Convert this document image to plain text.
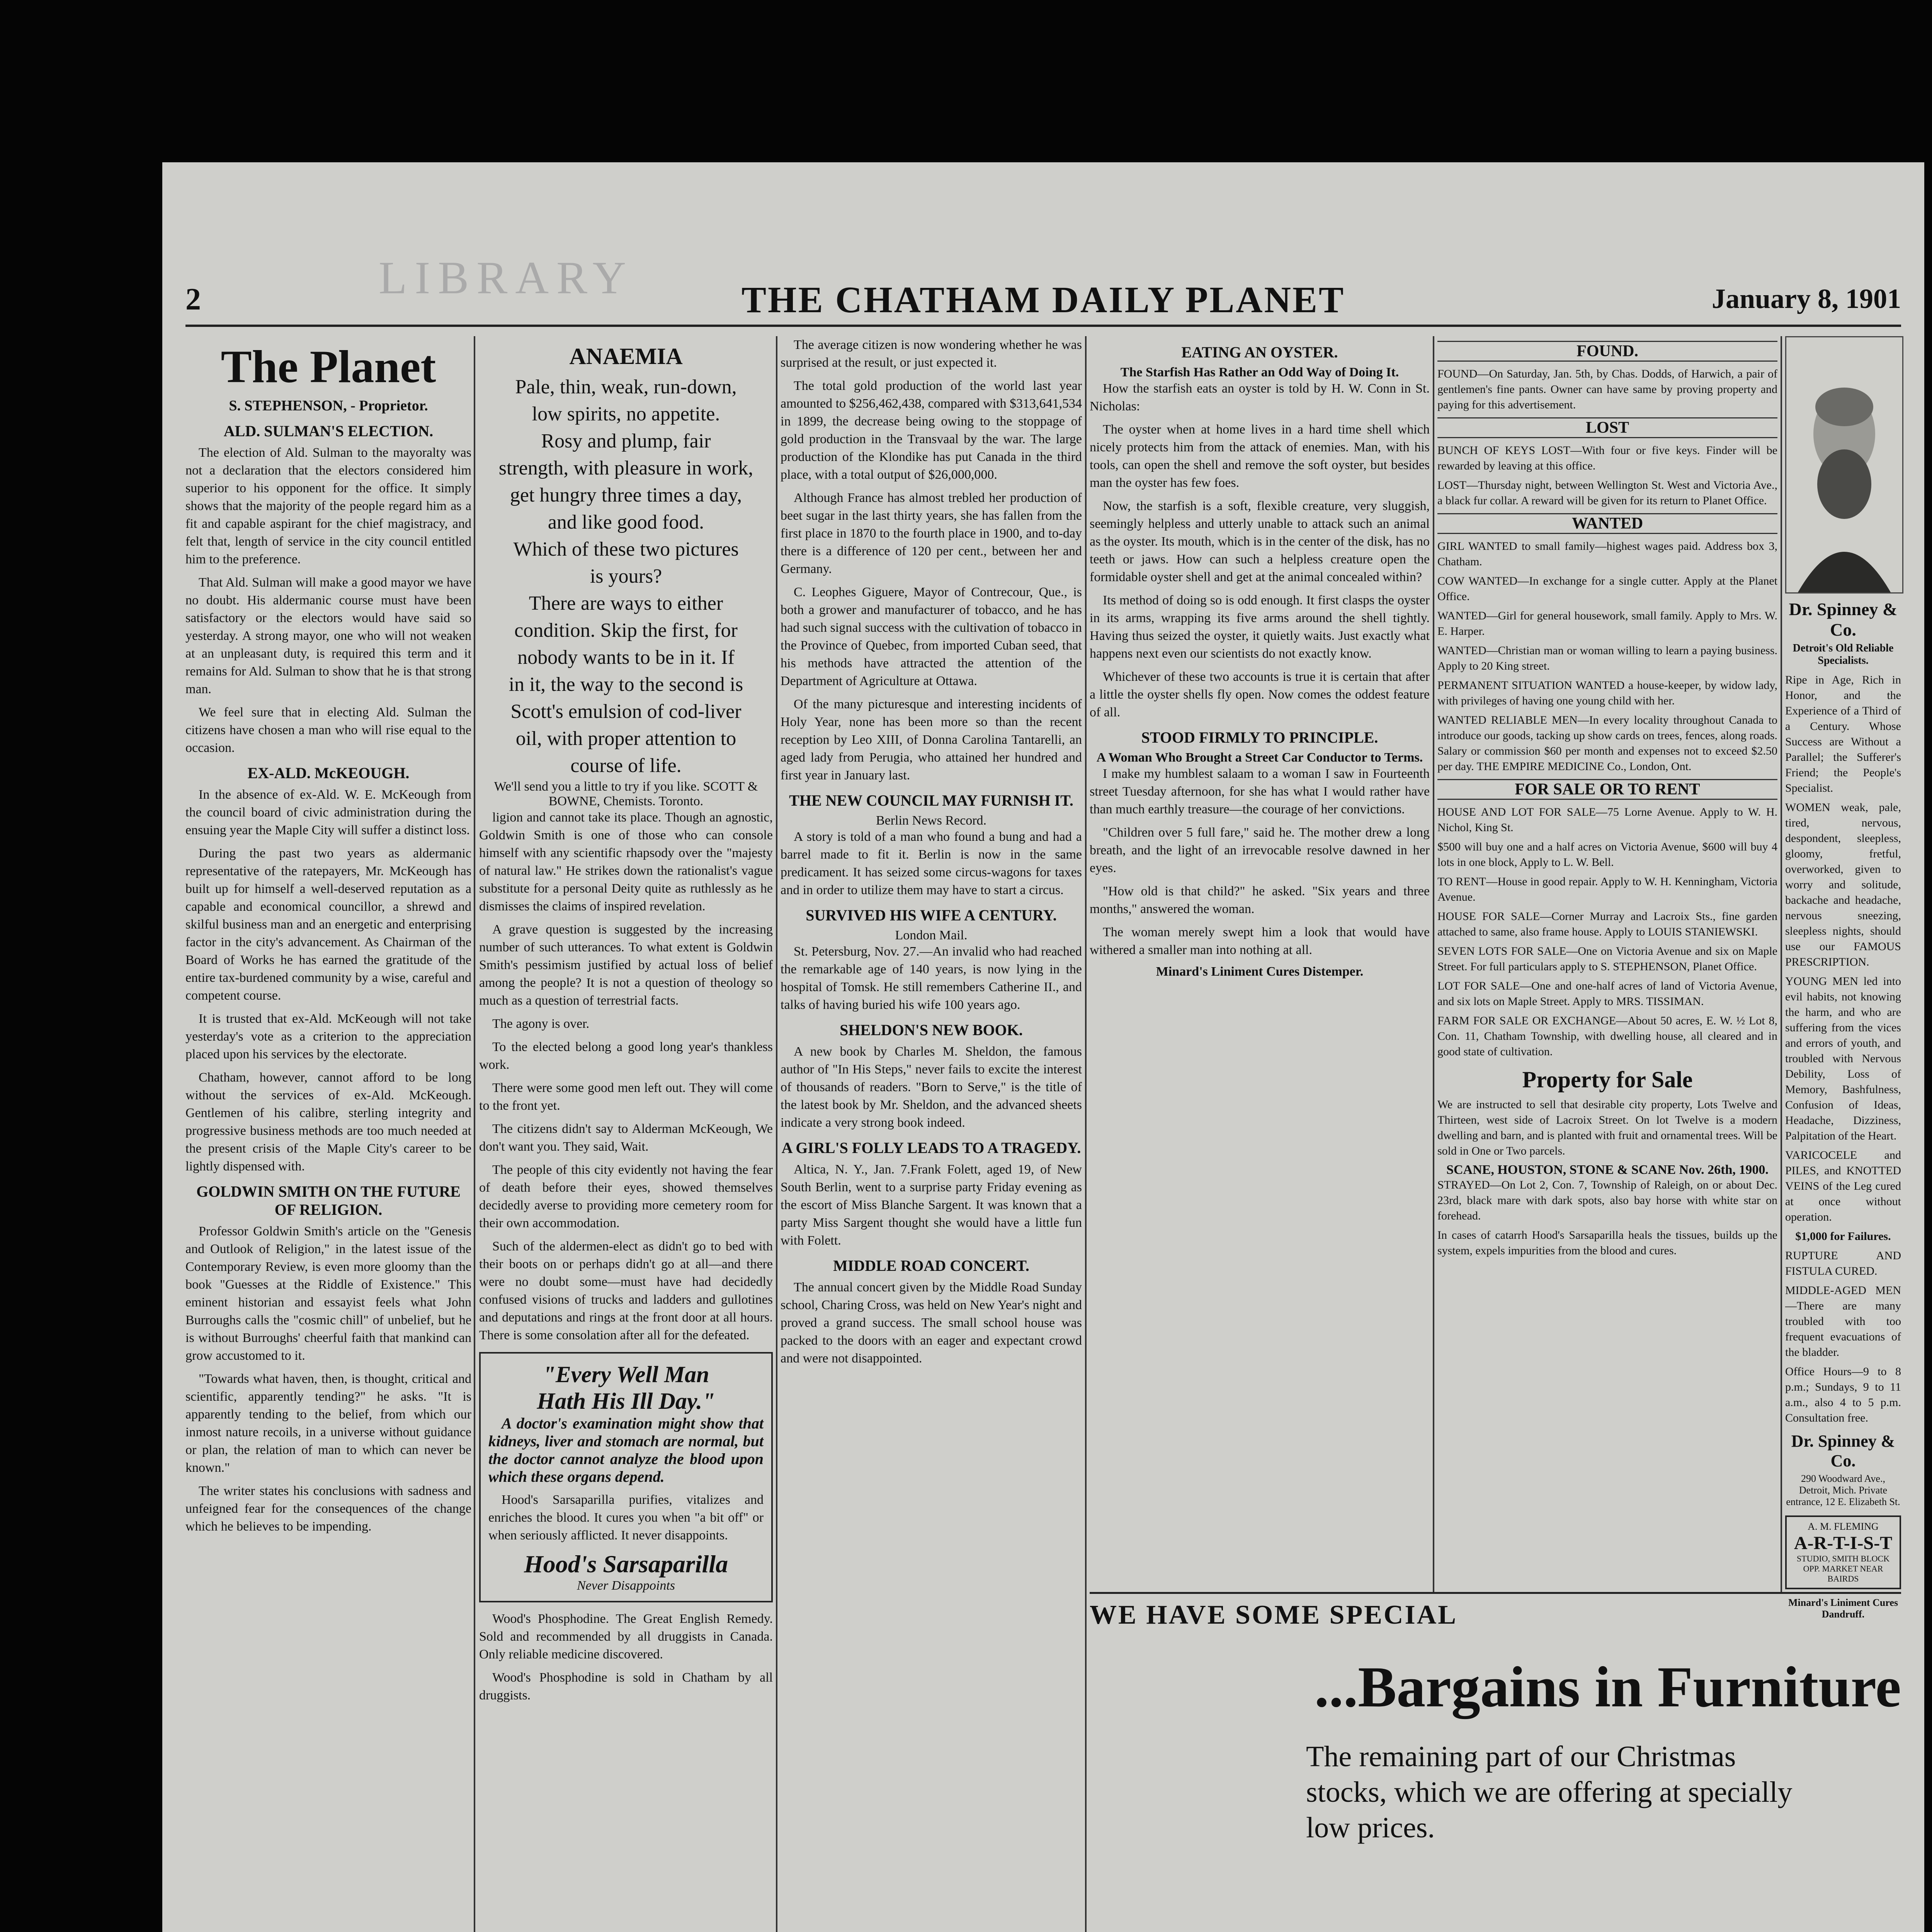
LIBRARY
2	THE CHATHAM DAILY PLANET	January 8, 1901
The Planet
S. STEPHENSON, - Proprietor.
ALD. SULMAN'S ELECTION.

The election of Ald. Sulman to the mayoralty was not a declaration that the electors considered him superior to his opponent for the office. It simply shows that the majority of the people regard him as a fit and capable aspirant for the chief magistracy, and felt that, length of service in the city council entitled him to the preference.

That Ald. Sulman will make a good mayor we have no doubt. His aldermanic course must have been satisfactory or the electors would have said so yesterday. A strong mayor, one who will not weaken at an unpleasant duty, is required this term and it remains for Ald. Sulman to show that he is that strong man.

We feel sure that in electing Ald. Sulman the citizens have chosen a man who will rise equal to the occasion.

EX-ALD. McKEOUGH.

In the absence of ex-Ald. W. E. McKeough from the council board of civic administration during the ensuing year the Maple City will suffer a distinct loss.

During the past two years as aldermanic representative of the ratepayers, Mr. McKeough has built up for himself a well-deserved reputation as a capable and economical councillor, a shrewd and skilful business man and an energetic and enterprising factor in the city's advancement. As Chairman of the Board of Works he has earned the gratitude of the entire tax-burdened community by a wise, careful and competent course.

It is trusted that ex-Ald. McKeough will not take yesterday's vote as a criterion to the appreciation placed upon his services by the electorate.

Chatham, however, cannot afford to be long without the services of ex-Ald. McKeough. Gentlemen of his calibre, sterling integrity and progressive business methods are too much needed at the present crisis of the Maple City's career to be lightly dispensed with.

GOLDWIN SMITH ON THE FUTURE OF RELIGION.

Professor Goldwin Smith's article on the "Genesis and Outlook of Religion," in the latest issue of the Contemporary Review, is even more gloomy than the book "Guesses at the Riddle of Existence." This eminent historian and essayist feels what John Burroughs calls the "cosmic chill" of unbelief, but he is without Burroughs' cheerful faith that mankind can grow accustomed to it.

"Towards what haven, then, is thought, critical and scientific, apparently tending?" he asks. "It is apparently tending to the belief, from which our inmost nature recoils, in a universe without guidance or plan, the relation of man to which can never be known."

The writer states his conclusions with sadness and unfeigned fear for the consequences of the change which he believes to be impending.

ANAEMIA
Pale, thin, weak, run-down,
low spirits, no appetite.
Rosy and plump, fair
strength, with pleasure in work,
get hungry three times a day,
and like good food.
Which of these two pictures
is yours?
There are ways to either
condition. Skip the first, for
nobody wants to be in it. If
in it, the way to the second is
Scott's emulsion of cod-liver
oil, with proper attention to
course of life.
We'll send you a little to try if you like. SCOTT & BOWNE, Chemists. Toronto.

ligion and cannot take its place. Though an agnostic, Goldwin Smith is one of those who can console himself with any scientific rhapsody over the "majesty of natural law." He strikes down the rationalist's vague substitute for a personal Deity quite as ruthlessly as he dismisses the claims of inspired revelation.

A grave question is suggested by the increasing number of such utterances. To what extent is Goldwin Smith's pessimism justified by actual loss of belief among the people? It is not a question of theology so much as a question of terrestrial facts.

The agony is over.

To the elected belong a good long year's thankless work.

There were some good men left out. They will come to the front yet.

The citizens didn't say to Alderman McKeough, We don't want you. They said, Wait.

The people of this city evidently not having the fear of death before their eyes, showed themselves decidedly averse to providing more cemetery room for their own accommodation.

Such of the aldermen-elect as didn't go to bed with their boots on or perhaps didn't go at all—and there were no doubt some—must have had decidedly confused visions of trucks and ladders and gullotines and deputations and rings at the front door at all hours. There is some consolation after all for the defeated.

"Every Well Man
Hath His Ill Day."

A doctor's examination might show that kidneys, liver and stomach are normal, but the doctor cannot analyze the blood upon which these organs depend.

Hood's Sarsaparilla purifies, vitalizes and enriches the blood. It cures you when "a bit off" or when seriously afflicted. It never disappoints.

Hood's Sarsaparilla
Never Disappoints

Wood's Phosphodine. The Great English Remedy. Sold and recommended by all druggists in Canada. Only reliable medicine discovered.

Wood's Phosphodine is sold in Chatham by all druggists.

The average citizen is now wondering whether he was surprised at the result, or just expected it.

The total gold production of the world last year amounted to $256,462,438, compared with $313,641,534 in 1899, the decrease being owing to the stoppage of gold production in the Transvaal by the war. The large production of the Klondike has put Canada in the third place, with a total output of $26,000,000.

Although France has almost trebled her production of beet sugar in the last thirty years, she has fallen from the first place in 1870 to the fourth place in 1900, and to-day there is a difference of 120 per cent., between her and Germany.

C. Leophes Giguere, Mayor of Contrecour, Que., is both a grower and manufacturer of tobacco, and he has had such signal success with the cultivation of tobacco in the Province of Quebec, from imported Cuban seed, that his methods have attracted the attention of the Department of Agriculture at Ottawa.

Of the many picturesque and interesting incidents of Holy Year, none has been more so than the recent reception by Leo XIII, of Donna Carolina Tantarelli, an aged lady from Perugia, who attained her hundred and first year in January last.

THE NEW COUNCIL MAY FURNISH IT.
Berlin News Record.

A story is told of a man who found a bung and had a barrel made to fit it. Berlin is now in the same predicament. It has seized some circus-wagons for taxes and in order to utilize them may have to start a circus.

SURVIVED HIS WIFE A CENTURY.
London Mail.

St. Petersburg, Nov. 27.—An invalid who had reached the remarkable age of 140 years, is now lying in the hospital of Tomsk. He still remembers Catherine II., and talks of having buried his wife 100 years ago.

SHELDON'S NEW BOOK.

A new book by Charles M. Sheldon, the famous author of "In His Steps," never fails to excite the interest of thousands of readers. "Born to Serve," is the title of the latest book by Mr. Sheldon, and the advanced sheets indicate a very strong book indeed.

A GIRL'S FOLLY LEADS TO A TRAGEDY.

Altica, N. Y., Jan. 7.Frank Folett, aged 19, of New South Berlin, went to a surprise party Friday evening as the escort of Miss Blanche Sargent. It was known that a party Miss Sargent thought she would have a little fun with Folett.

MIDDLE ROAD CONCERT.

The annual concert given by the Middle Road Sunday school, Charing Cross, was held on New Year's night and proved a grand success. The small school house was packed to the doors with an eager and expectant crowd and were not disappointed.

EATING AN OYSTER.
The Starfish Has Rather an Odd Way of Doing It.

How the starfish eats an oyster is told by H. W. Conn in St. Nicholas:

The oyster when at home lives in a hard time shell which nicely protects him from the attack of enemies. Man, with his tools, can open the shell and remove the soft oyster, but besides man the oyster has few foes.

Now, the starfish is a soft, flexible creature, very sluggish, seemingly helpless and utterly unable to attack such an animal as the oyster. Its mouth, which is in the center of the disk, has no teeth or jaws. How can such a helpless creature open the formidable oyster shell and get at the animal concealed within?

Its method of doing so is odd enough. It first clasps the oyster in its arms, wrapping its five arms around the shell tightly. Having thus seized the oyster, it quietly waits. Just exactly what happens next even our scientists do not exactly know.

Whichever of these two accounts is true it is certain that after a little the oyster shells fly open. Now comes the oddest feature of all.

STOOD FIRMLY TO PRINCIPLE.
A Woman Who Brought a Street Car Conductor to Terms.

I make my humblest salaam to a woman I saw in Fourteenth street Tuesday afternoon, for she has what I would rather have than much earthly treasure—the courage of her convictions.

"Children over 5 full fare," said he. The mother drew a long breath, and the light of an irrevocable resolve dawned in her eyes.

"How old is that child?" he asked. "Six years and three months," answered the woman.

The woman merely swept him a look that would have withered a smaller man into nothing at all.

Minard's Liniment Cures Distemper.
FOUND.

FOUND—On Saturday, Jan. 5th, by Chas. Dodds, of Harwich, a pair of gentlemen's fine pants. Owner can have same by proving property and paying for this advertisement.

LOST

BUNCH OF KEYS LOST—With four or five keys. Finder will be rewarded by leaving at this office.

LOST—Thursday night, between Wellington St. West and Victoria Ave., a black fur collar. A reward will be given for its return to Planet Office.

WANTED

GIRL WANTED to small family—highest wages paid. Address box 3, Chatham.

COW WANTED—In exchange for a single cutter. Apply at the Planet Office.

WANTED—Girl for general housework, small family. Apply to Mrs. W. E. Harper.

WANTED—Christian man or woman willing to learn a paying business. Apply to 20 King street.

PERMANENT SITUATION WANTED a house-keeper, by widow lady, with privileges of having one young child with her.

WANTED RELIABLE MEN—In every locality throughout Canada to introduce our goods, tacking up show cards on trees, fences, along roads. Salary or commission $60 per month and expenses not to exceed $2.50 per day. THE EMPIRE MEDICINE Co., London, Ont.

FOR SALE OR TO RENT

HOUSE AND LOT FOR SALE—75 Lorne Avenue. Apply to W. H. Nichol, King St.

$500 will buy one and a half acres on Victoria Avenue, $600 will buy 4 lots in one block, Apply to L. W. Bell.

TO RENT—House in good repair. Apply to W. H. Kenningham, Victoria Avenue.

HOUSE FOR SALE—Corner Murray and Lacroix Sts., fine garden attached to same, also frame house. Apply to LOUIS STANIEWSKI.

SEVEN LOTS FOR SALE—One on Victoria Avenue and six on Maple Street. For full particulars apply to S. STEPHENSON, Planet Office.

LOT FOR SALE—One and one-half acres of land of Victoria Avenue, and six lots on Maple Street. Apply to MRS. TISSIMAN.

FARM FOR SALE OR EXCHANGE—About 50 acres, E. W. ½ Lot 8, Con. 11, Chatham Township, with dwelling house, all cleared and in good state of cultivation.

Property for Sale

We are instructed to sell that desirable city property, Lots Twelve and Thirteen, west side of Lacroix Street. On lot Twelve is a modern dwelling and barn, and is planted with fruit and ornamental trees. Will be sold in One or Two parcels.

SCANE, HOUSTON, STONE & SCANE Nov. 26th, 1900.

STRAYED—On Lot 2, Con. 7, Township of Raleigh, on or about Dec. 23rd, black mare with dark spots, also bay horse with white star on forehead.

In cases of catarrh Hood's Sarsaparilla heals the tissues, builds up the system, expels impurities from the blood and cures.

Dr. Spinney & Co.
Detroit's Old Reliable Specialists.

Ripe in Age, Rich in Honor, and the Experience of a Third of a Century. Whose Success are Without a Parallel; the Sufferer's Friend; the People's Specialist.

WOMEN weak, pale, tired, nervous, despondent, sleepless, gloomy, fretful, overworked, given to worry and solitude, backache and headache, nervous sneezing, sleepless nights, should use our FAMOUS PRESCRIPTION.

YOUNG MEN led into evil habits, not knowing the harm, and who are suffering from the vices and errors of youth, and troubled with Nervous Debility, Loss of Memory, Bashfulness, Confusion of Ideas, Headache, Dizziness, Palpitation of the Heart.

VARICOCELE and PILES, and KNOTTED VEINS of the Leg cured at once without operation.

$1,000 for Failures.

RUPTURE AND FISTULA CURED.

MIDDLE-AGED MEN—There are many troubled with too frequent evacuations of the bladder.

Office Hours—9 to 8 p.m.; Sundays, 9 to 11 a.m., also 4 to 5 p.m. Consultation free.

Dr. Spinney & Co.
290 Woodward Ave., Detroit, Mich. Private entrance, 12 E. Elizabeth St.
A. M. FLEMING
A-R-T-I-S-T
STUDIO, SMITH BLOCK
OPP. MARKET NEAR BAIRDS
Minard's Liniment Cures Dandruff.
WE HAVE SOME SPECIAL
...Bargains in Furniture
The remaining part of our Christmas stocks, which we are offering at specially low prices.
